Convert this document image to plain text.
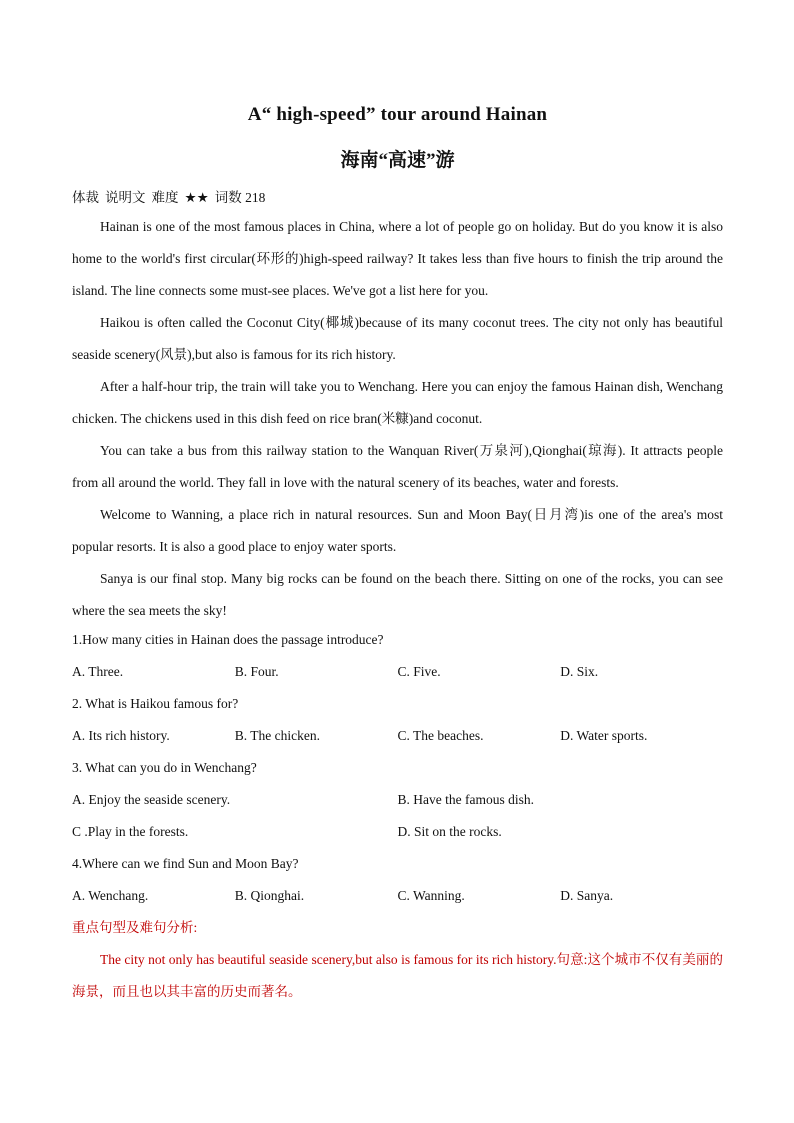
A“ high-speed” tour around Hainan
海南“高速”游
体裁 说明文 难度 ★★ 词数 218

Hainan is one of the most famous places in China, where a lot of people go on holiday. But do you know it is also home to the world's first circular(环形的)high-speed railway? It takes less than five hours to finish the trip around the island. The line connects some must-see places. We've got a list here for you.

Haikou is often called the Coconut City(椰城)because of its many coconut trees. The city not only has beautiful seaside scenery(风景),but also is famous for its rich history.

After a half-hour trip, the train will take you to Wenchang. Here you can enjoy the famous Hainan dish, Wenchang chicken. The chickens used in this dish feed on rice bran(米糠)and coconut.

You can take a bus from this railway station to the Wanquan River(万泉河),Qionghai(琼海). It attracts people from all around the world. They fall in love with the natural scenery of its beaches, water and forests.

Welcome to Wanning, a place rich in natural resources. Sun and Moon Bay(日月湾)is one of the area's most popular resorts. It is also a good place to enjoy water sports.

Sanya is our final stop. Many big rocks can be found on the beach there. Sitting on one of the rocks, you can see where the sea meets the sky!

1.How many cities in Hainan does the passage introduce?

A. Three.	B. Four.	C. Five.	D. Six.

2. What is Haikou famous for?

A. Its rich history.	B. The chicken.	C. The beaches.	D. Water sports.

3. What can you do in Wenchang?

A. Enjoy the seaside scenery.	B. Have the famous dish.
C .Play in the forests.	D. Sit on the rocks.

4.Where can we find Sun and Moon Bay?

A. Wenchang.	B. Qionghai.	C. Wanning.	D. Sanya.

重点句型及难句分析:

The city not only has beautiful seaside scenery,but also is famous for its rich history.句意:这个城市不仅有美丽的海景，而且也以其丰富的历史而著名。
